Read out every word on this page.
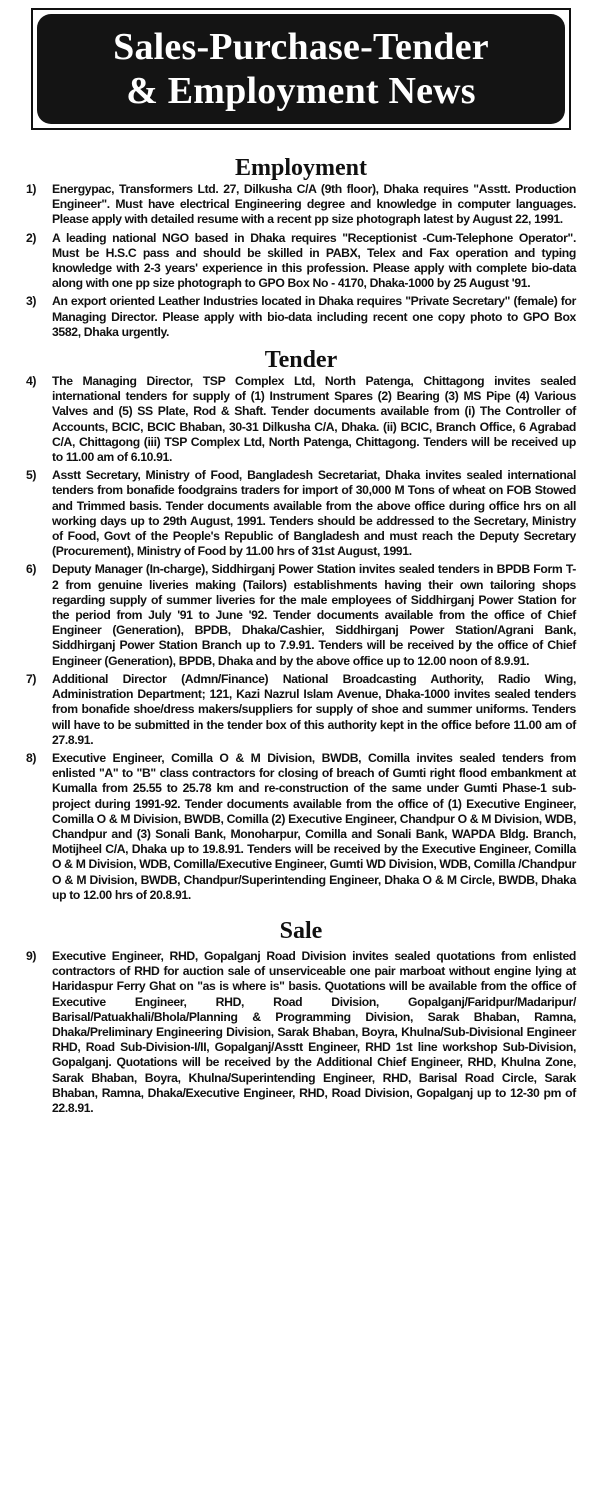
Sales-Purchase-Tender
& Employment News
Employment
1)	Energypac, Transformers Ltd. 27, Dilkusha C/A (9th floor), Dhaka requires "Asstt. Production Engineer". Must have electrical Engineering degree and knowledge in computer languages. Please apply with detailed resume with a recent pp size photograph latest by August 22, 1991.
2)	A leading national NGO based in Dhaka requires "Receptionist -Cum-Telephone Operator". Must be H.S.C pass and should be skilled in PABX, Telex and Fax operation and typing knowledge with 2-3 years' experience in this profession. Please apply with complete bio-data along with one pp size photograph to GPO Box No - 4170, Dhaka-1000 by 25 August '91.
3)	An export oriented Leather Industries located in Dhaka requires "Private Secretary" (female) for Managing Director. Please apply with bio-data including recent one copy photo to GPO Box 3582, Dhaka urgently.
Tender
4)	The Managing Director, TSP Complex Ltd, North Patenga, Chittagong invites sealed international tenders for supply of (1) Instrument Spares (2) Bearing (3) MS Pipe (4) Various Valves and (5) SS Plate, Rod & Shaft. Tender documents available from (i) The Controller of Accounts, BCIC, BCIC Bhaban, 30-31 Dilkusha C/A, Dhaka. (ii) BCIC, Branch Office, 6 Agrabad C/A, Chittagong (iii) TSP Complex Ltd, North Patenga, Chittagong. Tenders will be received up to 11.00 am of 6.10.91.
5)	Asstt Secretary, Ministry of Food, Bangladesh Secretariat, Dhaka invites sealed international tenders from bonafide foodgrains traders for import of 30,000 M Tons of wheat on FOB Stowed and Trimmed basis. Tender documents available from the above office during office hrs on all working days up to 29th August, 1991. Tenders should be addressed to the Secretary, Ministry of Food, Govt of the People's Republic of Bangladesh and must reach the Deputy Secretary (Procurement), Ministry of Food by 11.00 hrs of 31st August, 1991.
6)	Deputy Manager (In-charge), Siddhirganj Power Station invites sealed tenders in BPDB Form T-2 from genuine liveries making (Tailors) establishments having their own tailoring shops regarding supply of summer liveries for the male employees of Siddhirganj Power Station for the period from July '91 to June '92. Tender documents available from the office of Chief Engineer (Generation), BPDB, Dhaka/Cashier, Siddhirganj Power Station/Agrani Bank, Siddhirganj Power Station Branch up to 7.9.91. Tenders will be received by the office of Chief Engineer (Generation), BPDB, Dhaka and by the above office up to 12.00 noon of 8.9.91.
7)	Additional Director (Admn/Finance) National Broadcasting Authority, Radio Wing, Administration Department; 121, Kazi Nazrul Islam Avenue, Dhaka-1000 invites sealed tenders from bonafide shoe/dress makers/suppliers for supply of shoe and summer uniforms. Tenders will have to be submitted in the tender box of this authority kept in the office before 11.00 am of 27.8.91.
8)	Executive Engineer, Comilla O & M Division, BWDB, Comilla invites sealed tenders from enlisted "A" to "B" class contractors for closing of breach of Gumti right flood embankment at Kumalla from 25.55 to 25.78 km and re-construction of the same under Gumti Phase-1 sub-project during 1991-92. Tender documents available from the office of (1) Executive Engineer, Comilla O & M Division, BWDB, Comilla (2) Executive Engineer, Chandpur O & M Division, WDB, Chandpur and (3) Sonali Bank, Monoharpur, Comilla and Sonali Bank, WAPDA Bldg. Branch, Motijheel C/A, Dhaka up to 19.8.91. Tenders will be received by the Executive Engineer, Comilla O & M Division, WDB, Comilla/Executive Engineer, Gumti WD Division, WDB, Comilla /Chandpur O & M Division, BWDB, Chandpur/Superintending Engineer, Dhaka O & M Circle, BWDB, Dhaka up to 12.00 hrs of 20.8.91.
Sale
9)	Executive Engineer, RHD, Gopalganj Road Division invites sealed quotations from enlisted contractors of RHD for auction sale of unserviceable one pair marboat without engine lying at Haridaspur Ferry Ghat on "as is where is" basis. Quotations will be available from the office of Executive Engineer, RHD, Road Division, Gopalganj/Faridpur/Madaripur/ Barisal/Patuakhali/Bhola/Planning & Programming Division, Sarak Bhaban, Ramna, Dhaka/Preliminary Engineering Division, Sarak Bhaban, Boyra, Khulna/Sub-Divisional Engineer RHD, Road Sub-Division-I/II, Gopalganj/Asstt Engineer, RHD 1st line workshop Sub-Division, Gopalganj. Quotations will be received by the Additional Chief Engineer, RHD, Khulna Zone, Sarak Bhaban, Boyra, Khulna/Superintending Engineer, RHD, Barisal Road Circle, Sarak Bhaban, Ramna, Dhaka/Executive Engineer, RHD, Road Division, Gopalganj up to 12-30 pm of 22.8.91.
